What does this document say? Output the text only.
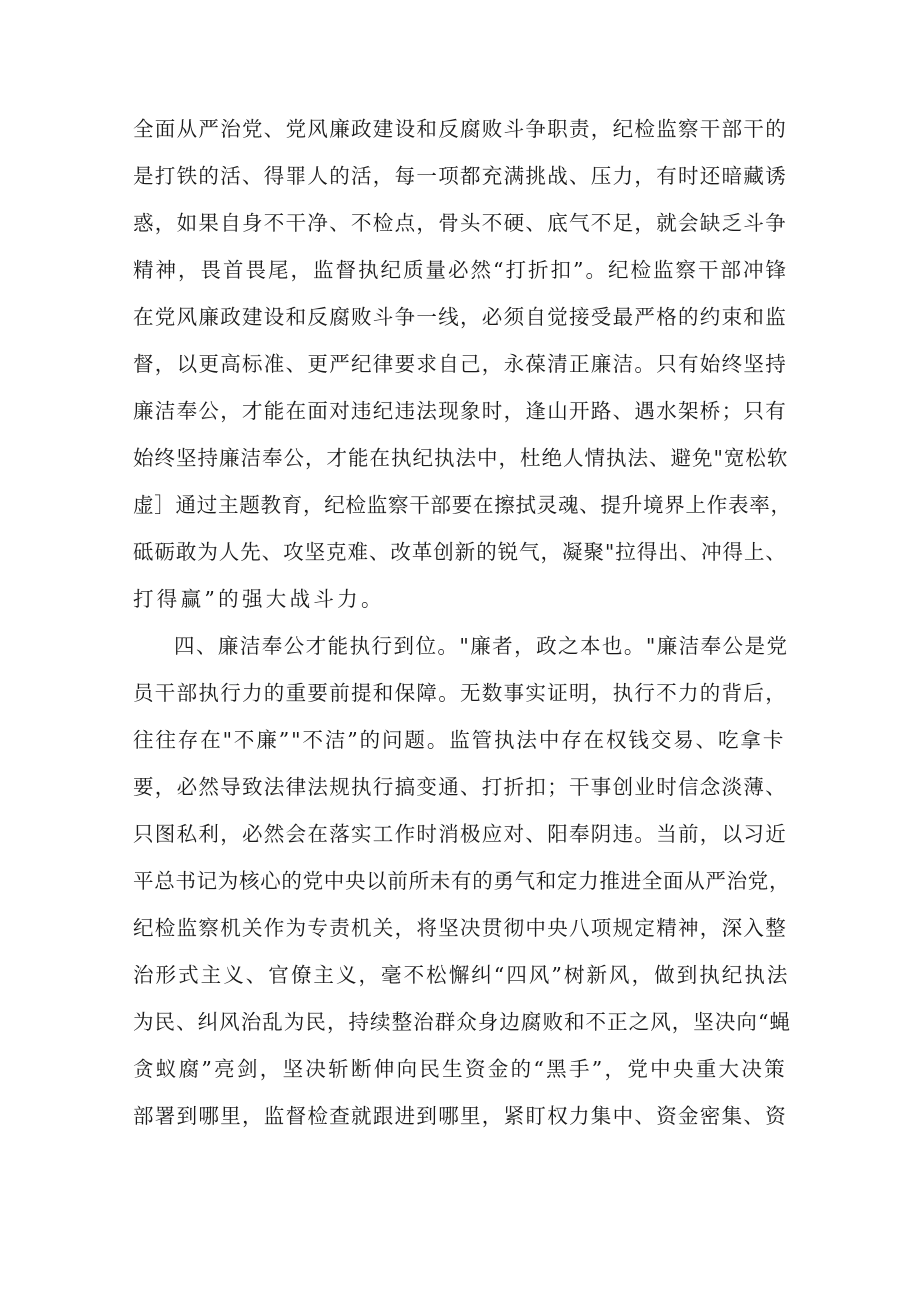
全面从严治党、党风廉政建设和反腐败斗争职责，纪检监察干部干的
是打铁的活、得罪人的活，每一项都充满挑战、压力，有时还暗藏诱
惑，如果自身不干净、不检点，骨头不硬、底气不足，就会缺乏斗争
精神，畏首畏尾，监督执纪质量必然“打折扣”。纪检监察干部冲锋
在党风廉政建设和反腐败斗争一线，必须自觉接受最严格的约束和监
督，以更高标准、更严纪律要求自己，永葆清正廉洁。只有始终坚持
廉洁奉公，才能在面对违纪违法现象时，逢山开路、遇水架桥；只有
始终坚持廉洁奉公，才能在执纪执法中，杜绝人情执法、避免"宽松软
虚］通过主题教育，纪检监察干部要在擦拭灵魂、提升境界上作表率，
砥砺敢为人先、攻坚克难、改革创新的锐气，凝聚"拉得出、冲得上、
打得赢”的强大战斗力。
四、廉洁奉公才能执行到位。"廉者，政之本也。"廉洁奉公是党
员干部执行力的重要前提和保障。无数事实证明，执行不力的背后，
往往存在"不廉”"不洁”的问题。监管执法中存在权钱交易、吃拿卡
要，必然导致法律法规执行搞变通、打折扣；干事创业时信念淡薄、
只图私利，必然会在落实工作时消极应对、阳奉阴违。当前，以习近
平总书记为核心的党中央以前所未有的勇气和定力推进全面从严治党，
纪检监察机关作为专责机关，将坚决贯彻中央八项规定精神，深入整
治形式主义、官僚主义，毫不松懈纠“四风”树新风，做到执纪执法
为民、纠风治乱为民，持续整治群众身边腐败和不正之风，坚决向“蝇
贪蚁腐”亮剑，坚决斩断伸向民生资金的“黑手”，党中央重大决策
部署到哪里，监督检查就跟进到哪里，紧盯权力集中、资金密集、资
